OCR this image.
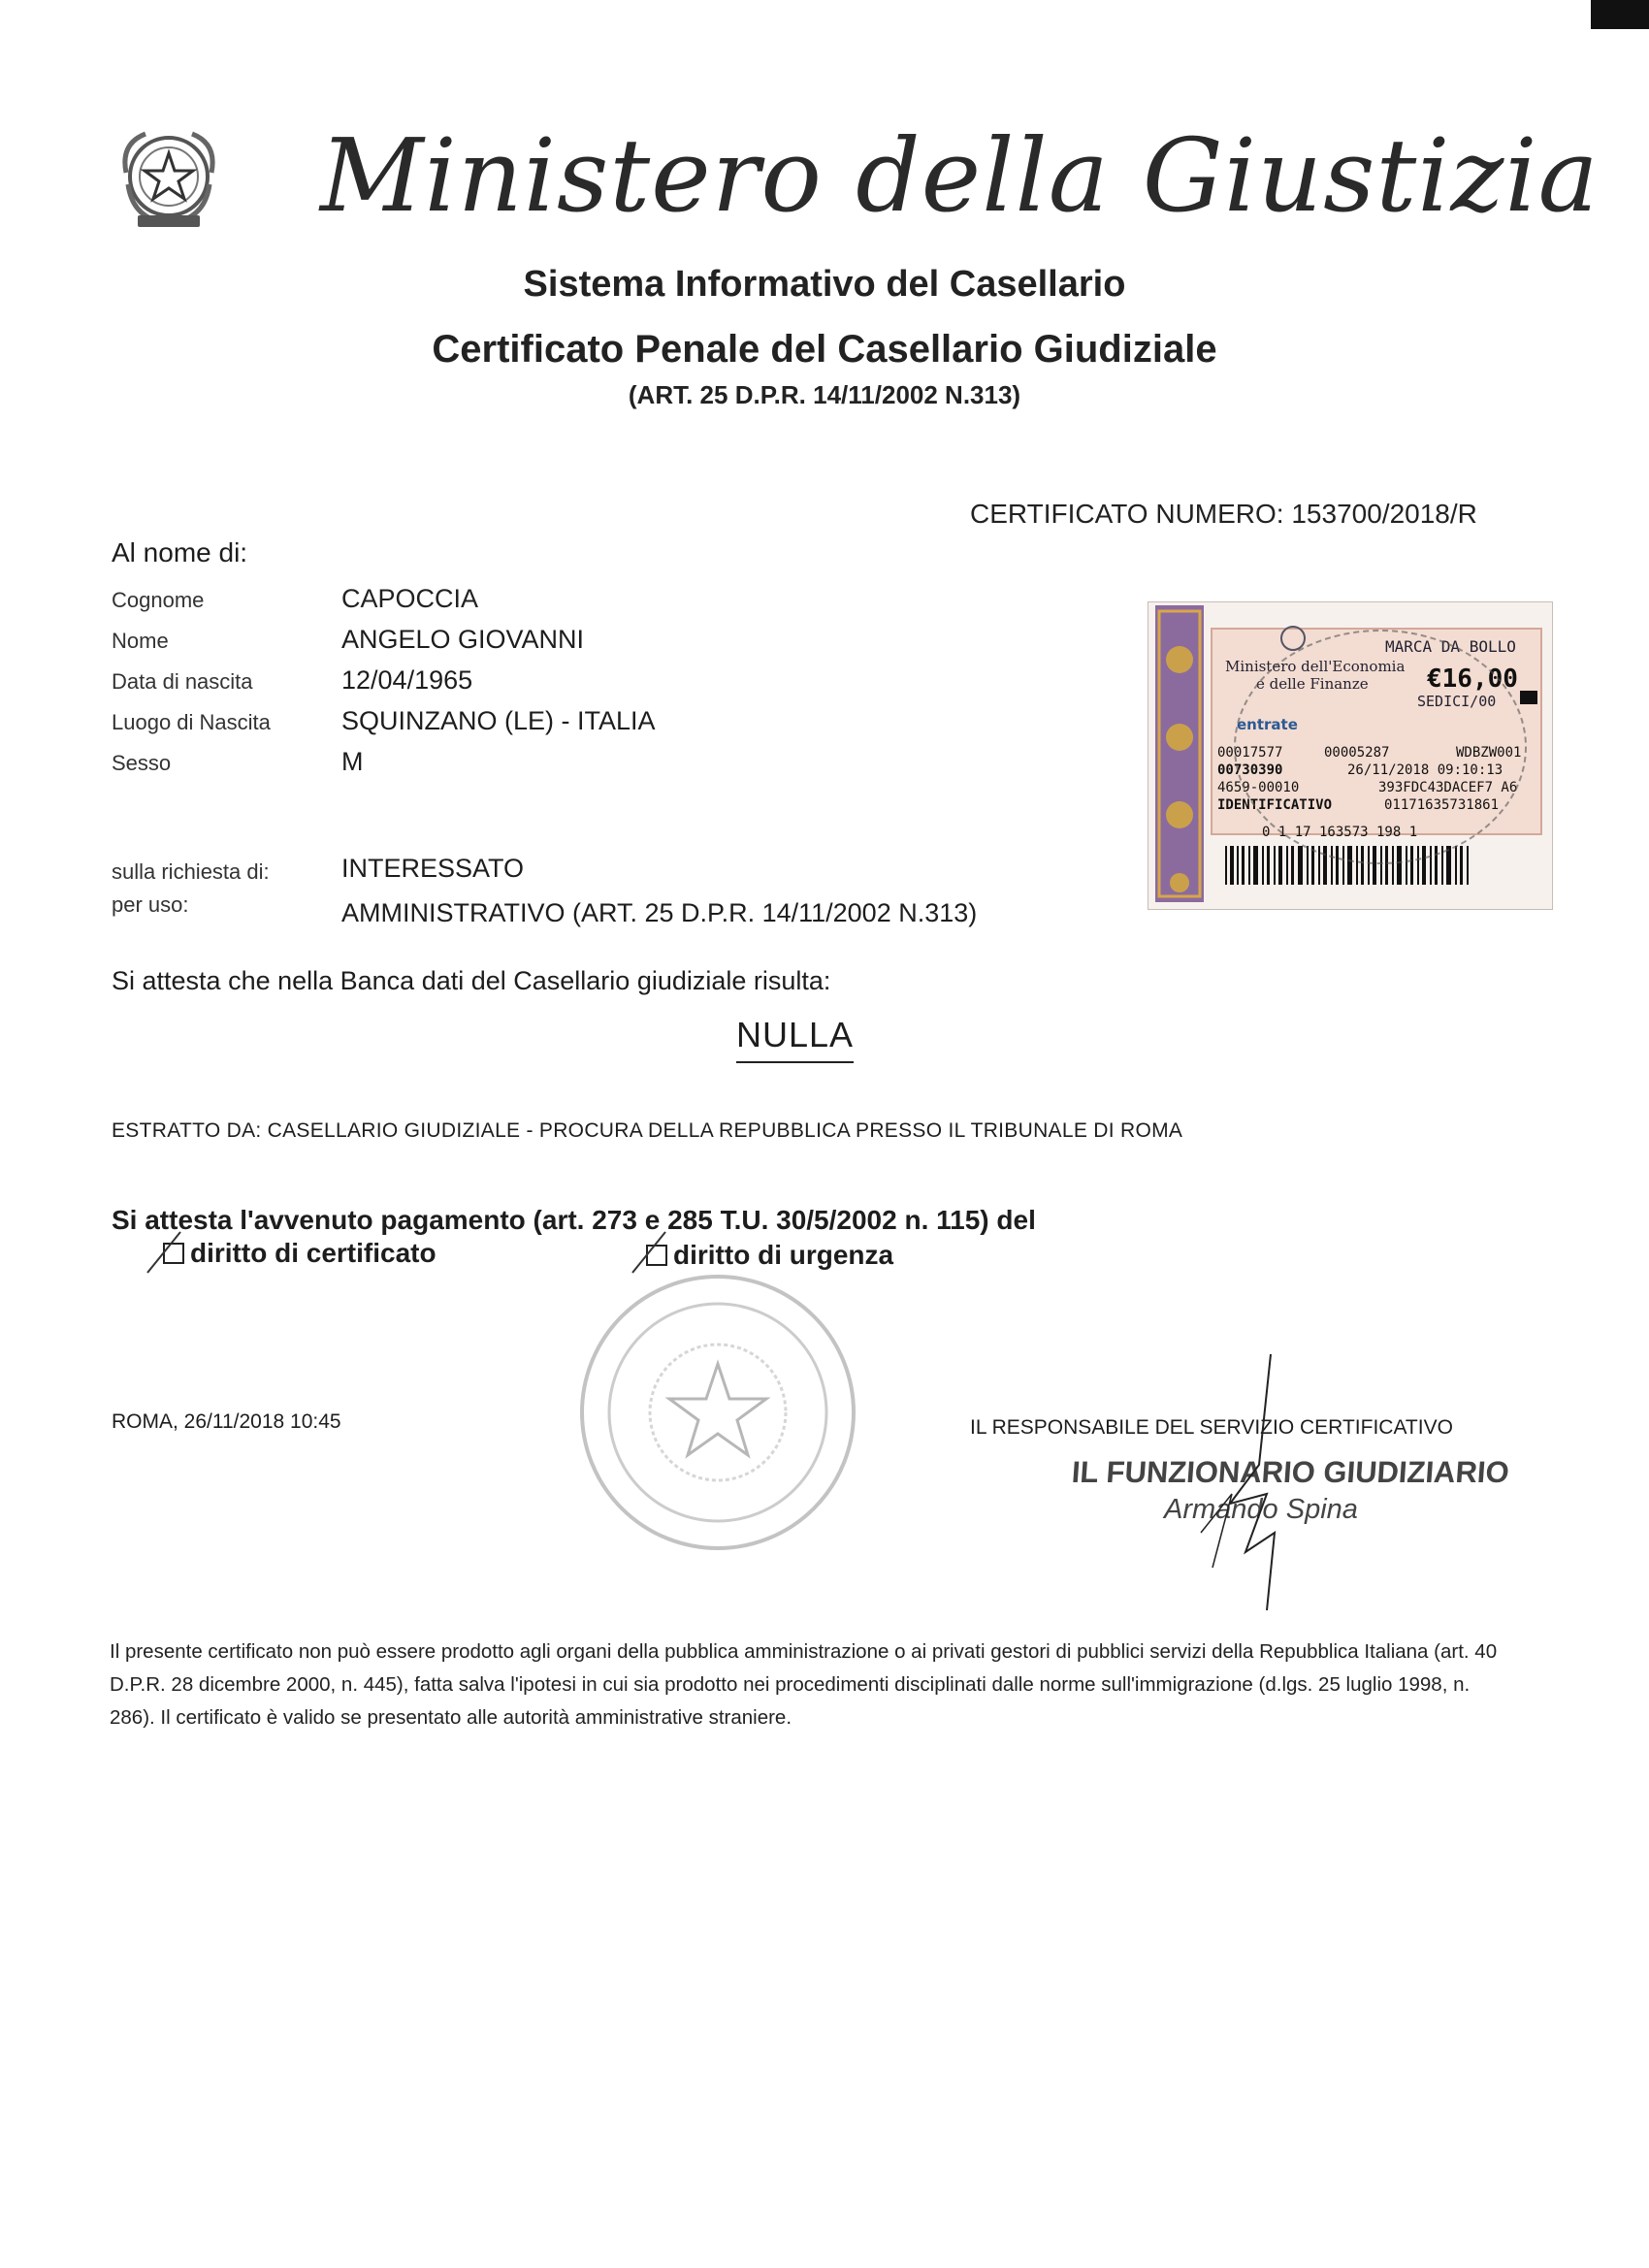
Ministero della Giustizia
Sistema Informativo del Casellario
Certificato Penale del Casellario Giudiziale
(ART. 25 D.P.R. 14/11/2002 N.313)
CERTIFICATO NUMERO: 153700/2018/R
Al nome di:
Cognome	CAPOCCIA
Nome	ANGELO GIOVANNI
Data di nascita	12/04/1965
Luogo di Nascita	SQUINZANO (LE) - ITALIA
Sesso	M
sulla richiesta di:	INTERESSATO
per uso:	AMMINISTRATIVO (ART. 25 D.P.R. 14/11/2002 N.313)
Ministero dell'Economia
e delle Finanze
MARCA DA BOLLO
€16,00
SEDICI/00
entrate
00017577	00005287	WDBZW001
00730390	26/11/2018 09:10:13
4659-00010	393FDC43DACEF7 A6
IDENTIFICATIVO	01171635731861
0 1 17 163573 198 1
Si attesta che nella Banca dati del Casellario giudiziale risulta:
NULLA
ESTRATTO DA: CASELLARIO GIUDIZIALE - PROCURA DELLA REPUBBLICA PRESSO IL TRIBUNALE DI ROMA
Si attesta l'avvenuto pagamento (art. 273 e 285 T.U. 30/5/2002 n. 115) del
diritto di certificato	diritto di urgenza
ROMA, 26/11/2018 10:45	IL RESPONSABILE DEL SERVIZIO CERTIFICATIVO
IL FUNZIONARIO GIUDIZIARIO
Armando Spina
Il presente certificato non può essere prodotto agli organi della pubblica amministrazione o ai privati gestori di pubblici servizi della Repubblica Italiana (art. 40 D.P.R. 28 dicembre 2000, n. 445), fatta salva l'ipotesi in cui sia prodotto nei procedimenti disciplinati dalle norme sull'immigrazione (d.lgs. 25 luglio 1998, n. 286). Il certificato è valido se presentato alle autorità amministrative straniere.
